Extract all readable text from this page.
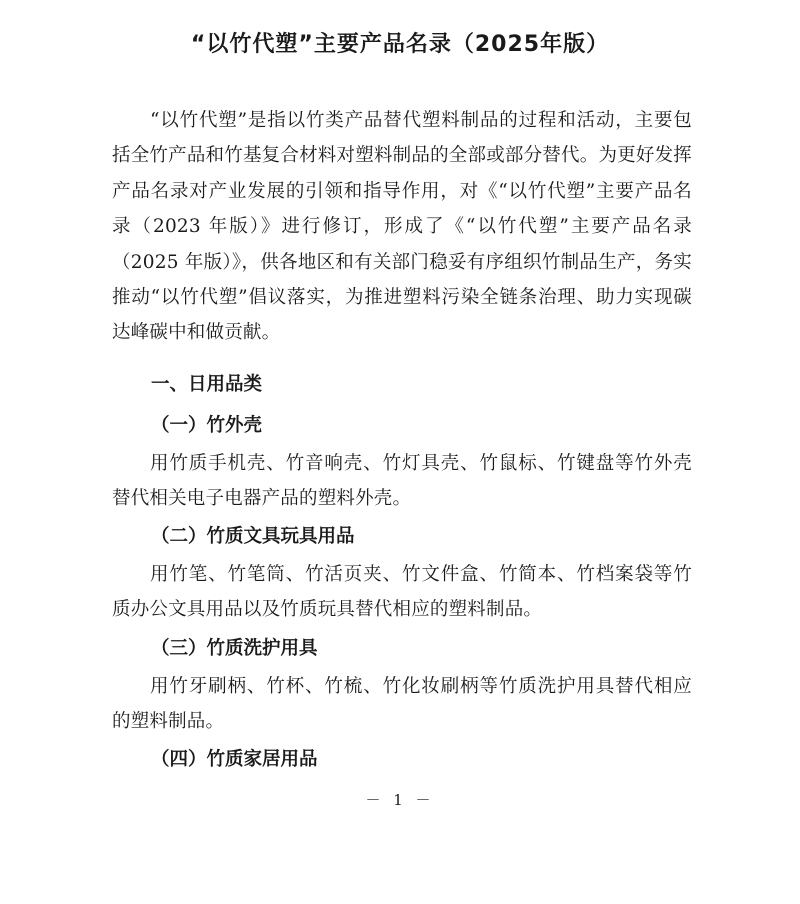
“以竹代塑”主要产品名录（2025年版）
“以竹代塑”是指以竹类产品替代塑料制品的过程和活动，主要包括全竹产品和竹基复合材料对塑料制品的全部或部分替代。为更好发挥产品名录对产业发展的引领和指导作用，对《“以竹代塑”主要产品名录（2023 年版）》进行修订，形成了《“以竹代塑”主要产品名录（2025 年版）》，供各地区和有关部门稳妥有序组织竹制品生产，务实推动“以竹代塑”倡议落实，为推进塑料污染全链条治理、助力实现碳达峰碳中和做贡献。
一、日用品类
（一）竹外壳
用竹质手机壳、竹音响壳、竹灯具壳、竹鼠标、竹键盘等竹外壳替代相关电子电器产品的塑料外壳。
（二）竹质文具玩具用品
用竹笔、竹笔筒、竹活页夹、竹文件盒、竹简本、竹档案袋等竹质办公文具用品以及竹质玩具替代相应的塑料制品。
（三）竹质洗护用具
用竹牙刷柄、竹杯、竹梳、竹化妆刷柄等竹质洗护用具替代相应的塑料制品。
（四）竹质家居用品
－ 1 －
